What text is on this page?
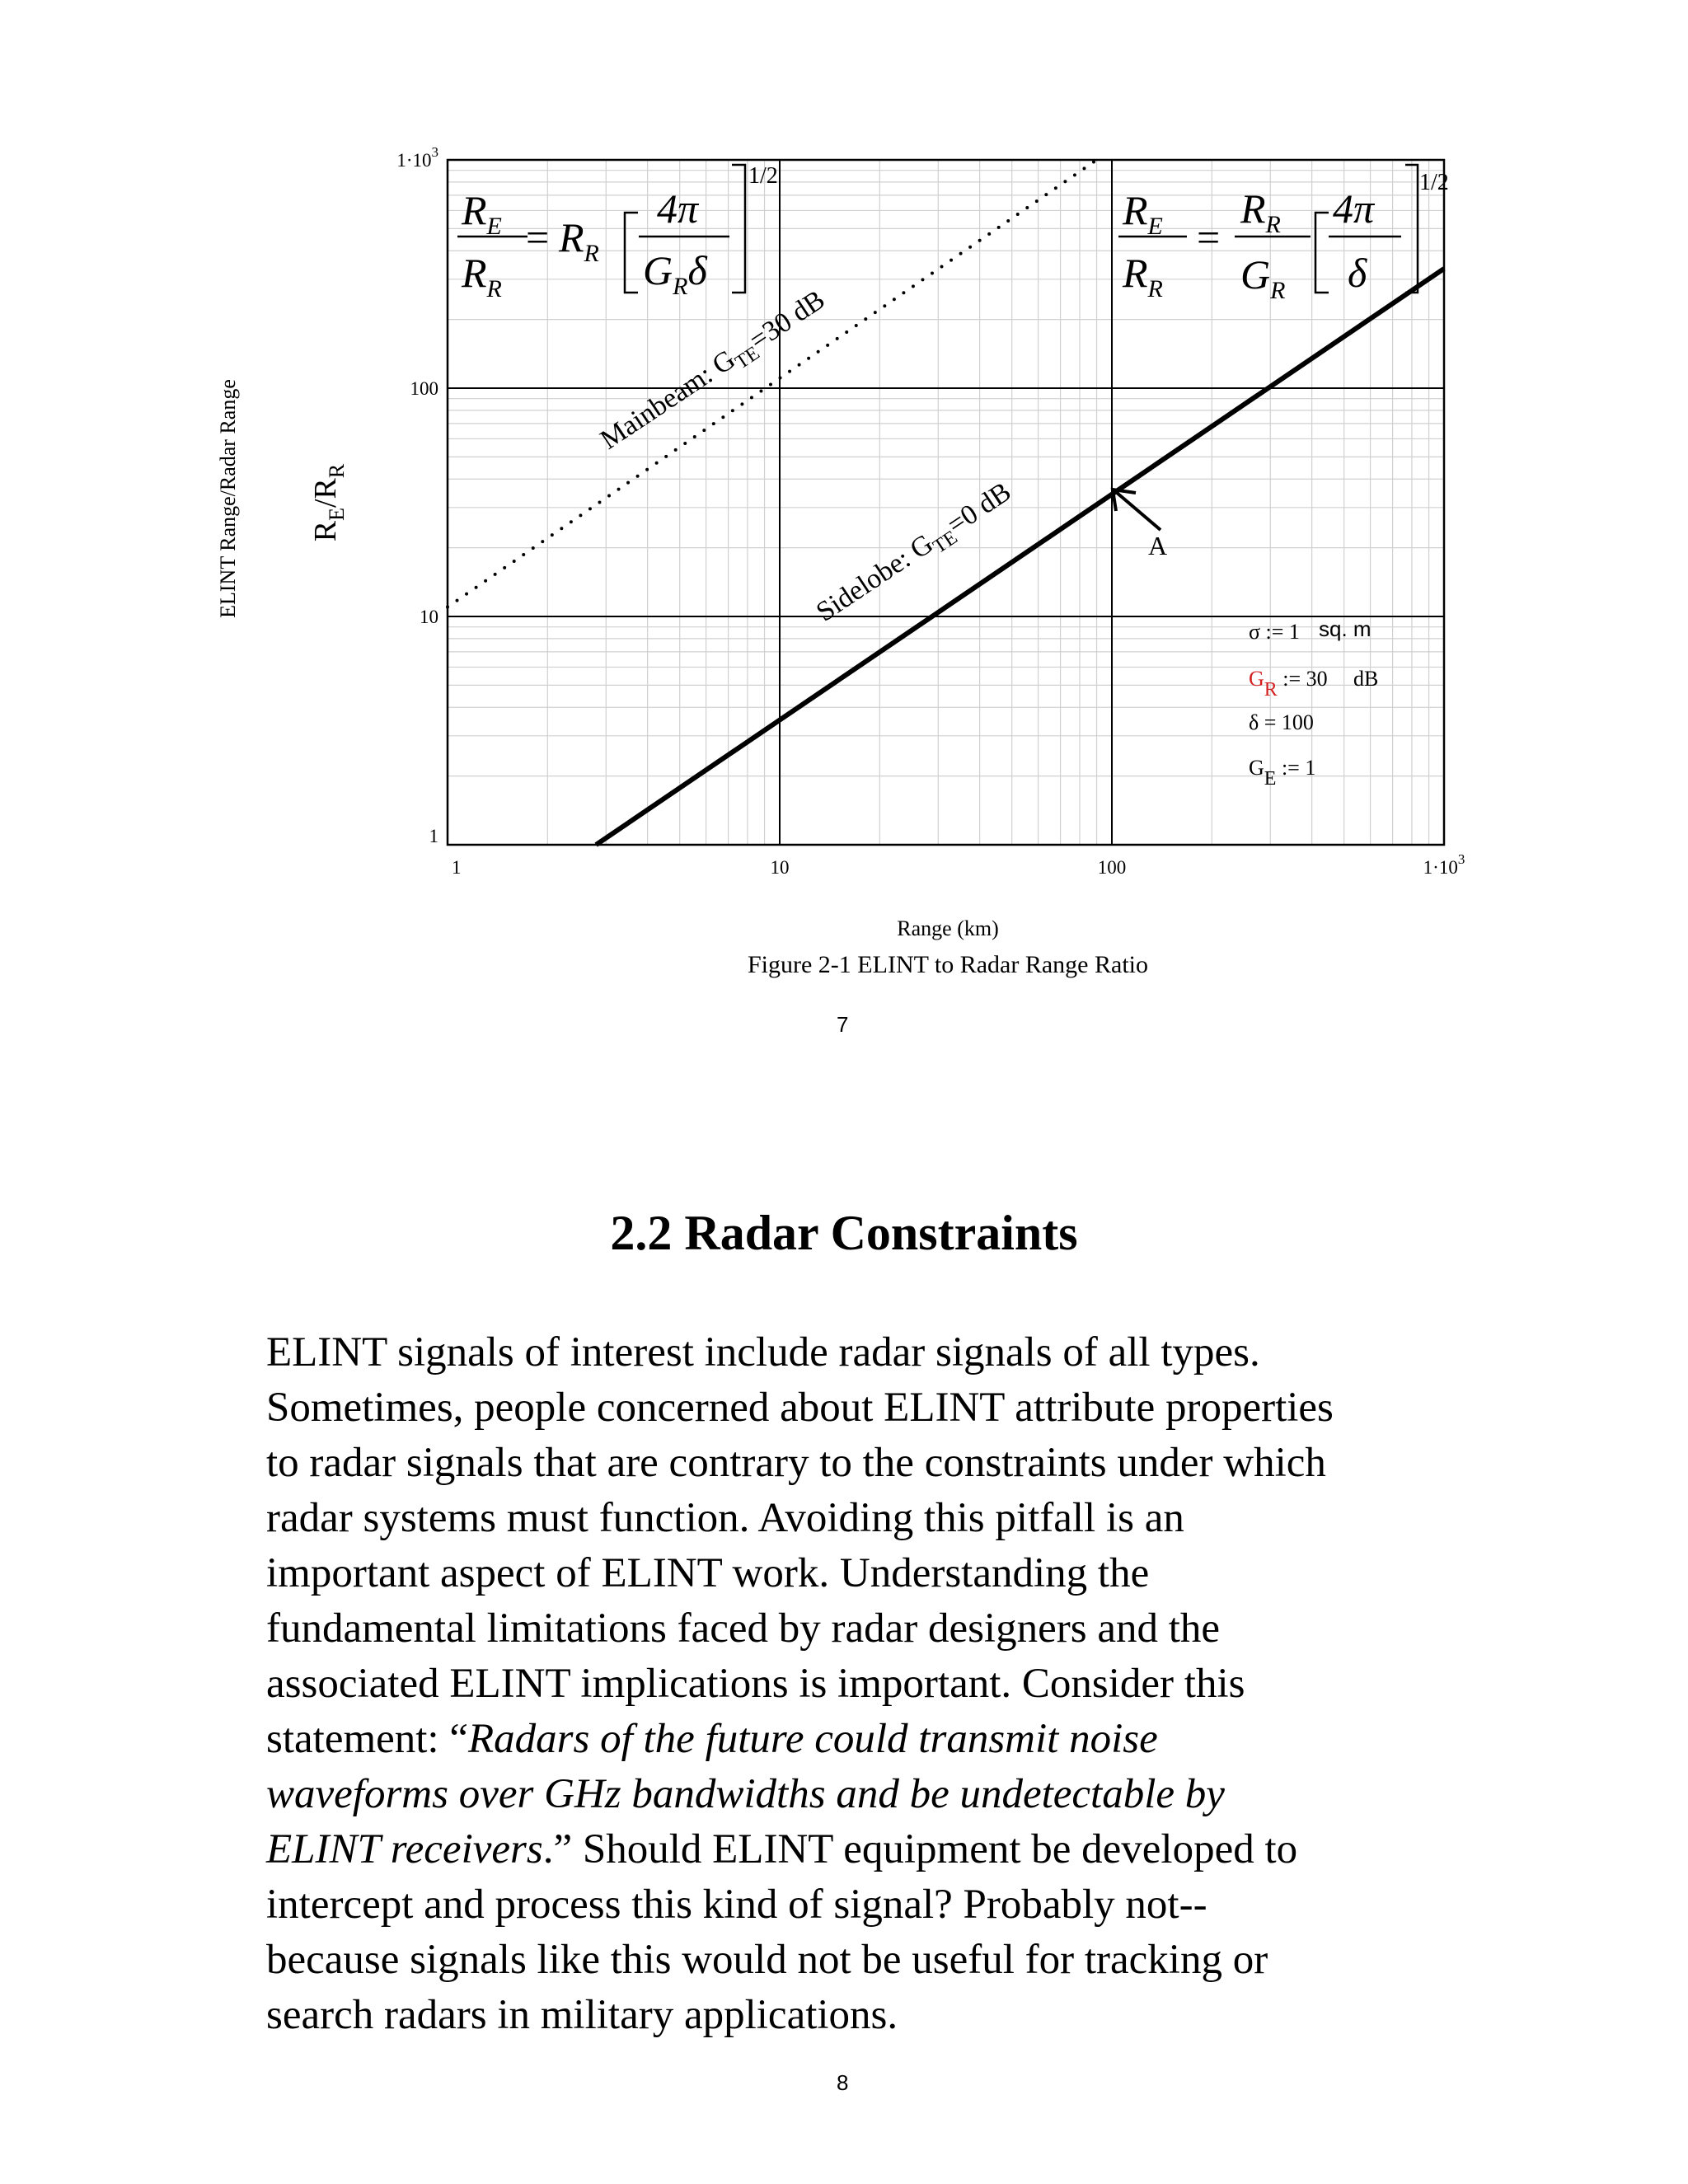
1	10	100	$1\cdot 10^3$
1
10
100
$1\cdot 10^3$
Range (km)
ELINT Range/Radar Range $R_E/R_R$
Mainbeam: $G_{TE}=30$ dB
Sidelobe: $G_{TE}=0$ dB
A
$R_E$
$R_R$
= $R_R$
4π
$G_R\delta$
1/2
$R_E$
$R_R$
=
$R_R$
$G_R$
4π
δ
1/2
σ := 1 sq. m
GR := 30 dB
δ = 100
GE := 1
Figure 2-1 ELINT to Radar Range Ratio
7
2.2 Radar Constraints
ELINT signals of interest include radar signals of all types.
Sometimes, people concerned about ELINT attribute properties
to radar signals that are contrary to the constraints under which
radar systems must function. Avoiding this pitfall is an
important aspect of ELINT work. Understanding the
fundamental limitations faced by radar designers and the
associated ELINT implications is important. Consider this
statement: “Radars of the future could transmit noise
waveforms over GHz bandwidths and be undetectable by
ELINT receivers.” Should ELINT equipment be developed to
intercept and process this kind of signal? Probably not--
because signals like this would not be useful for tracking or
search radars in military applications.
8
